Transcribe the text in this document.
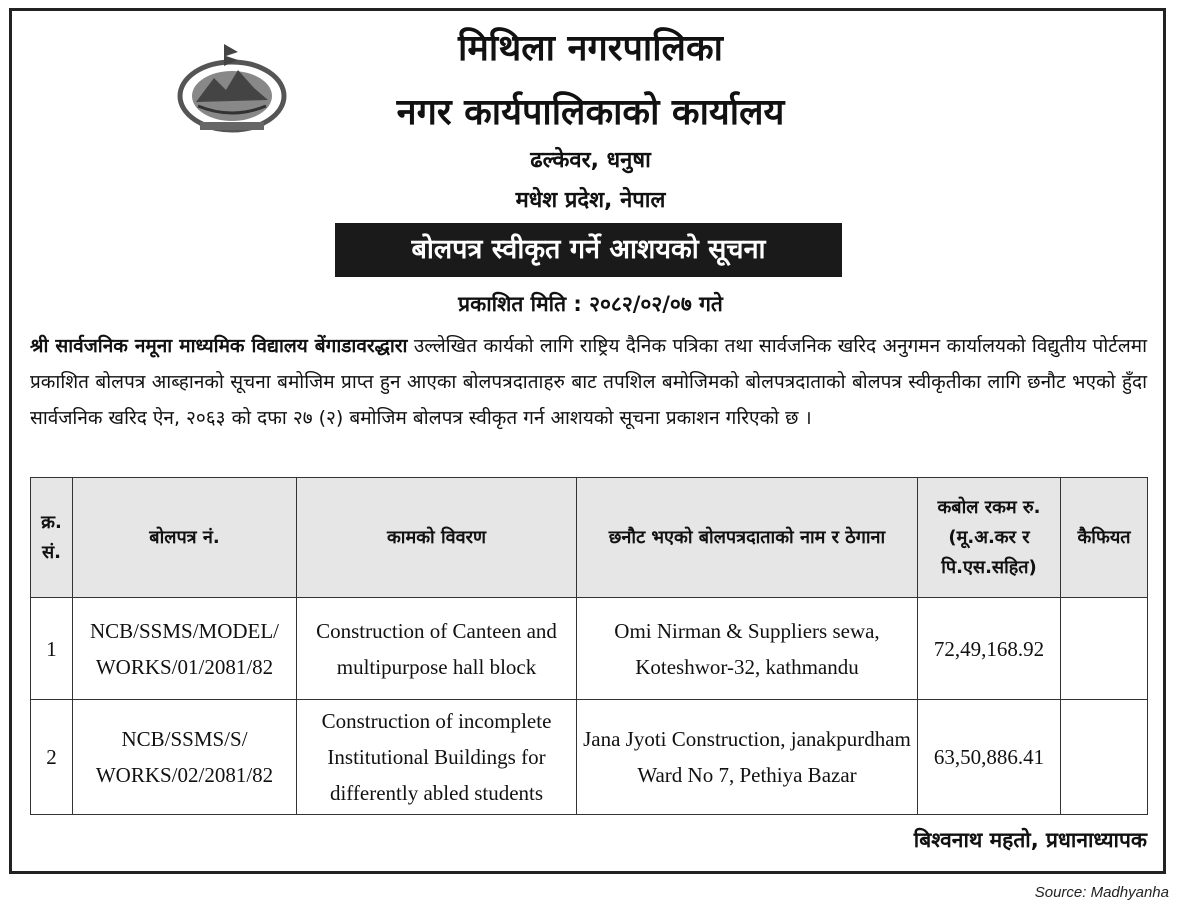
मिथिला नगरपालिका
नगर कार्यपालिकाको कार्यालय
ढल्केवर, धनुषा
मधेश प्रदेश, नेपाल
बोलपत्र स्वीकृत गर्ने आशयको सूचना
प्रकाशित मिति : २०८२/०२/०७ गते
श्री सार्वजनिक नमूना माध्यमिक विद्यालय बेंगाडावरद्धारा उल्लेखित कार्यको लागि राष्ट्रिय दैनिक पत्रिका तथा सार्वजनिक खरिद अनुगमन कार्यालयको विद्युतीय पोर्टलमा प्रकाशित बोलपत्र आब्हानको सूचना बमोजिम प्राप्त हुन आएका बोलपत्रदाताहरु बाट तपशिल बमोजिमको बोलपत्रदाताको बोलपत्र स्वीकृतीका लागि छनौट भएको हुँदा सार्वजनिक खरिद ऐन, २०६३ को दफा २७ (२) बमोजिम बोलपत्र स्वीकृत गर्न आशयको सूचना प्रकाशन गरिएको छ ।
क्र. सं.	बोलपत्र नं.	कामको विवरण	छनौट भएको बोलपत्रदाताको नाम र ठेगाना	कबोल रकम रु.(मू.अ.कर र पि.एस.सहित)	कैफियत
1	NCB/SSMS/MODEL/ WORKS/01/2081/82	Construction of Canteen and multipurpose hall block	Omi Nirman & Suppliers sewa, Koteshwor-32, kathmandu	72,49,168.92	
2	NCB/SSMS/S/ WORKS/02/2081/82	Construction of incomplete Institutional Buildings for differently abled students	Jana Jyoti Construction, janakpurdham Ward No 7, Pethiya Bazar	63,50,886.41	
बिश्वनाथ महतो, प्रधानाध्यापक
Source: Madhyanha
